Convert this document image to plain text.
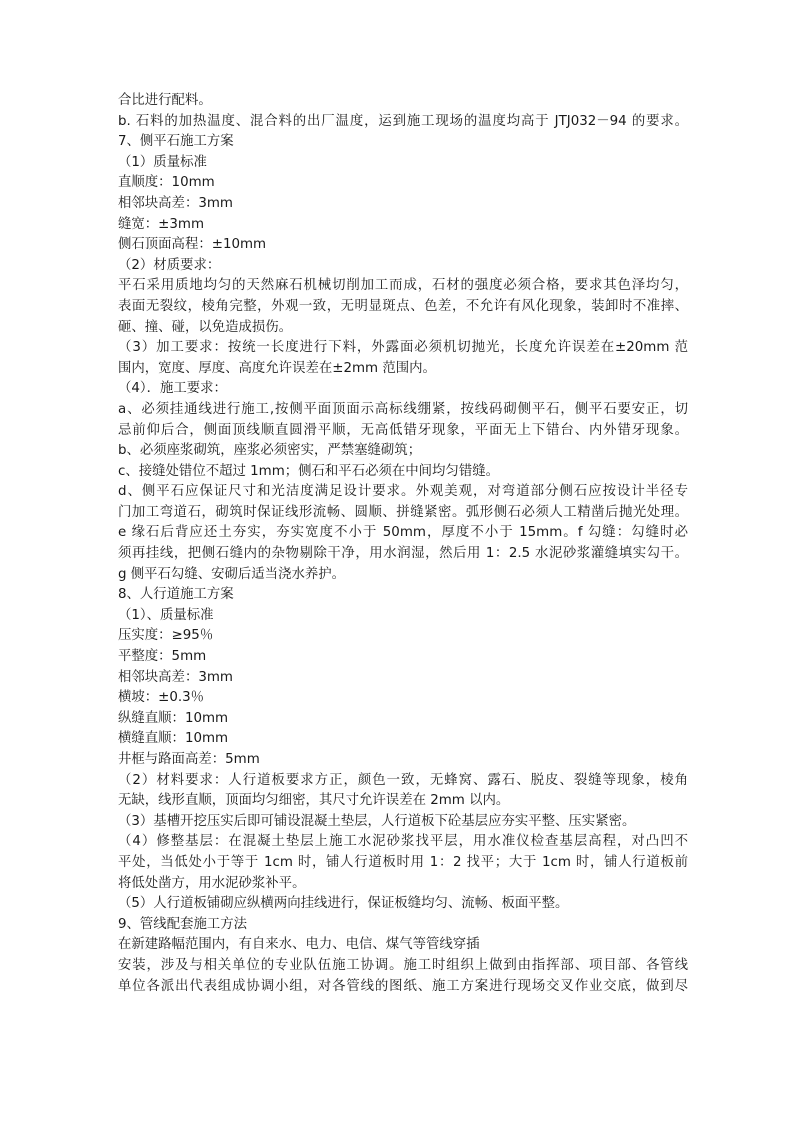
合比进行配料。
b. 石料的加热温度、混合料的出厂温度，运到施工现场的温度均高于 JTJ032－94 的要求。
7、侧平石施工方案
（1）质量标准
直顺度：10mm
相邻块高差：3mm
缝宽：±3mm
侧石顶面高程：±10mm
（2）材质要求：
平石采用质地均匀的天然麻石机械切削加工而成，石材的强度必须合格，要求其色泽均匀，
表面无裂纹，棱角完整，外观一致，无明显斑点、色差，不允许有风化现象，装卸时不准摔、
砸、撞、碰，以免造成损伤。
（3）加工要求：按统一长度进行下料，外露面必须机切抛光，长度允许误差在±20mm 范
围内，宽度、厚度、高度允许误差在±2mm 范围内。
（4）．施工要求：
a、必须挂通线进行施工,按侧平面顶面示高标线绷紧，按线码砌侧平石，侧平石要安正，切
忌前仰后合，侧面顶线顺直圆滑平顺，无高低错牙现象，平面无上下错台、内外错牙现象。
b、必须座浆砌筑，座浆必须密实，严禁塞缝砌筑；
c、接缝处错位不超过 1mm；侧石和平石必须在中间均匀错缝。
d、侧平石应保证尺寸和光洁度满足设计要求。外观美观，对弯道部分侧石应按设计半径专
门加工弯道石，砌筑时保证线形流畅、圆顺、拼缝紧密。弧形侧石必须人工精凿后抛光处理。
e 缘石后背应还土夯实，夯实宽度不小于 50mm，厚度不小于 15mm。f 勾缝：勾缝时必
须再挂线，把侧石缝内的杂物剔除干净，用水润湿，然后用 1：2.5 水泥砂浆灌缝填实勾干。
g 侧平石勾缝、安砌后适当浇水养护。
8、人行道施工方案
（1）、质量标准
压实度：≥95％
平整度：5mm
相邻块高差：3mm
横坡：±0.3％
纵缝直顺：10mm
横缝直顺：10mm
井框与路面高差：5mm
（2）材料要求：人行道板要求方正，颜色一致，无蜂窝、露石、脱皮、裂缝等现象，棱角
无缺，线形直顺，顶面均匀细密，其尺寸允许误差在 2mm 以内。
（3）基槽开挖压实后即可铺设混凝土垫层，人行道板下砼基层应夯实平整、压实紧密。
（4）修整基层：在混凝土垫层上施工水泥砂浆找平层，用水准仪检查基层高程，对凸凹不
平处，当低处小于等于 1cm 时，铺人行道板时用 1：2 找平；大于 1cm 时，铺人行道板前
将低处凿方，用水泥砂浆补平。
（5）人行道板铺砌应纵横两向挂线进行，保证板缝均匀、流畅、板面平整。
9、管线配套施工方法
在新建路幅范围内，有自来水、电力、电信、煤气等管线穿插
安装，涉及与相关单位的专业队伍施工协调。施工时组织上做到由指挥部、项目部、各管线
单位各派出代表组成协调小组，对各管线的图纸、施工方案进行现场交叉作业交底，做到尽
